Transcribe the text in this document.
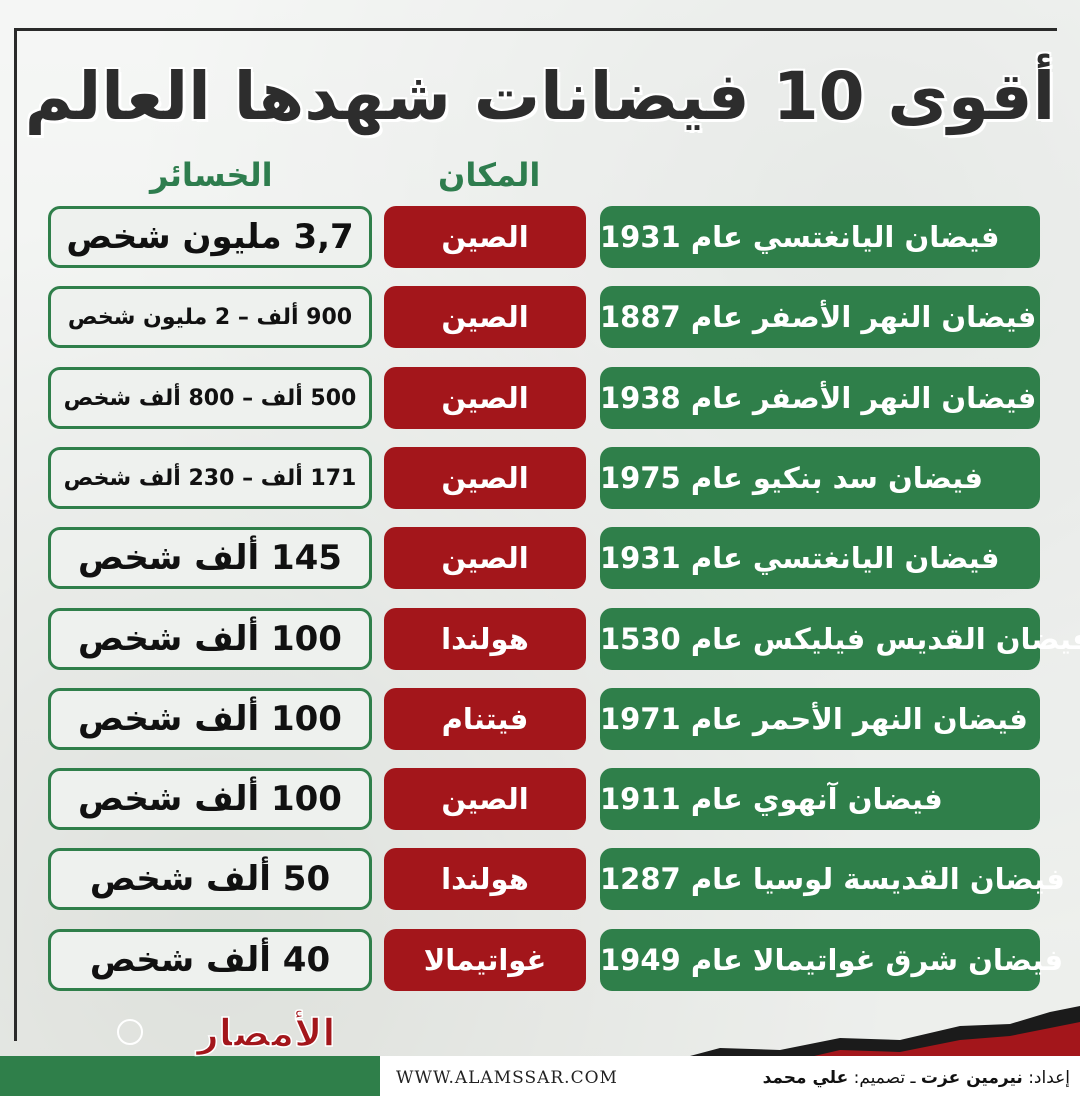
أقوى 10 فيضانات شهدها العالم
المكان
الخسائر
فيضان اليانغتسي عام 1931
الصين
3,7 مليون شخص
فيضان النهر الأصفر عام 1887
الصين
900 ألف – 2 مليون شخص
فيضان النهر الأصفر عام 1938
الصين
500 ألف – 800 ألف شخص
فيضان سد بنكيو عام 1975
الصين
171 ألف – 230 ألف شخص
فيضان اليانغتسي عام 1931
الصين
145 ألف شخص
فيضان القديس فيليكس عام 1530
هولندا
100 ألف شخص
فيضان النهر الأحمر عام 1971
فيتنام
100 ألف شخص
فيضان آنهوي عام 1911
الصين
100 ألف شخص
فيضان القديسة لوسيا عام 1287
هولندا
50 ألف شخص
فيضان شرق غواتيمالا عام 1949
غواتيمالا
40 ألف شخص
WWW.ALAMSSAR.COM	إعداد: نيرمين عزت ـ تصميم: علي محمد
الأمصار
